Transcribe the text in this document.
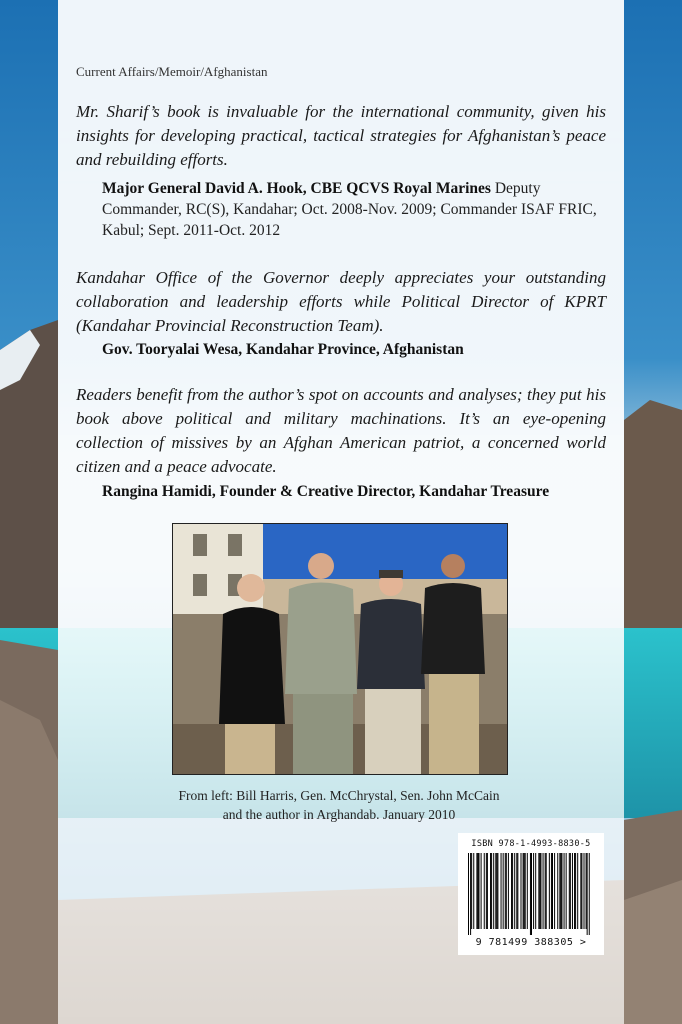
Current Affairs/Memoir/Afghanistan
Mr. Sharif’s book is invaluable for the international community, given his insights for developing practical, tactical strategies for Afghanistan’s peace and rebuilding efforts.
Major General David A. Hook, CBE QCVS Royal Marines Deputy Commander, RC(S), Kandahar; Oct. 2008-Nov. 2009; Commander ISAF FRIC, Kabul; Sept. 2011-Oct. 2012
Kandahar Office of the Governor deeply appreciates your outstanding collaboration and leadership efforts while Political Director of KPRT (Kandahar Provincial Reconstruction Team).
Gov. Tooryalai Wesa, Kandahar Province, Afghanistan
Readers benefit from the author’s spot on accounts and analyses; they put his book above political and military machinations. It’s an eye-opening collection of missives by an Afghan American patriot, a concerned world citizen and a peace advocate.
Rangina Hamidi, Founder & Creative Director, Kandahar Treasure
From left: Bill Harris, Gen. McChrystal, Sen. John McCain
and the author in Arghandab. January 2010
ISBN 978-1-4993-8830-5
9 781499 388305 >
